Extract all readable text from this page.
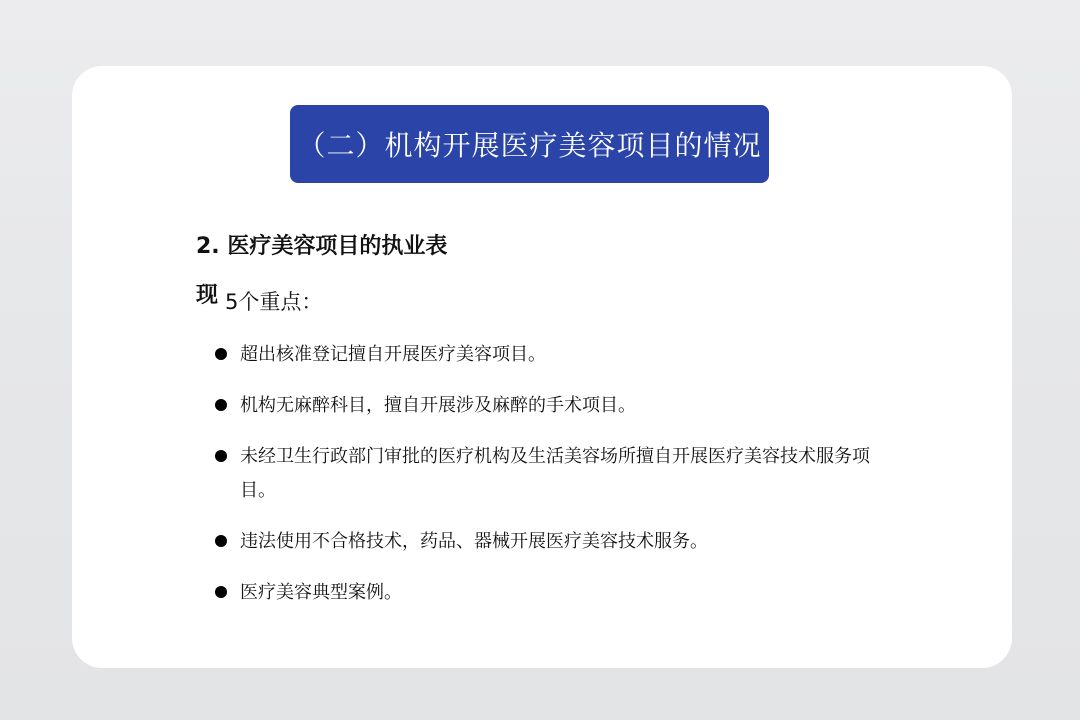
（二）机构开展医疗美容项目的情况
2. 医疗美容项目的执业表
现 5个重点：
超出核准登记擅自开展医疗美容项目。
机构无麻醉科目，擅自开展涉及麻醉的手术项目。
未经卫生行政部门审批的医疗机构及生活美容场所擅自开展医疗美容技术服务项目。
违法使用不合格技术，药品、器械开展医疗美容技术服务。
医疗美容典型案例。
